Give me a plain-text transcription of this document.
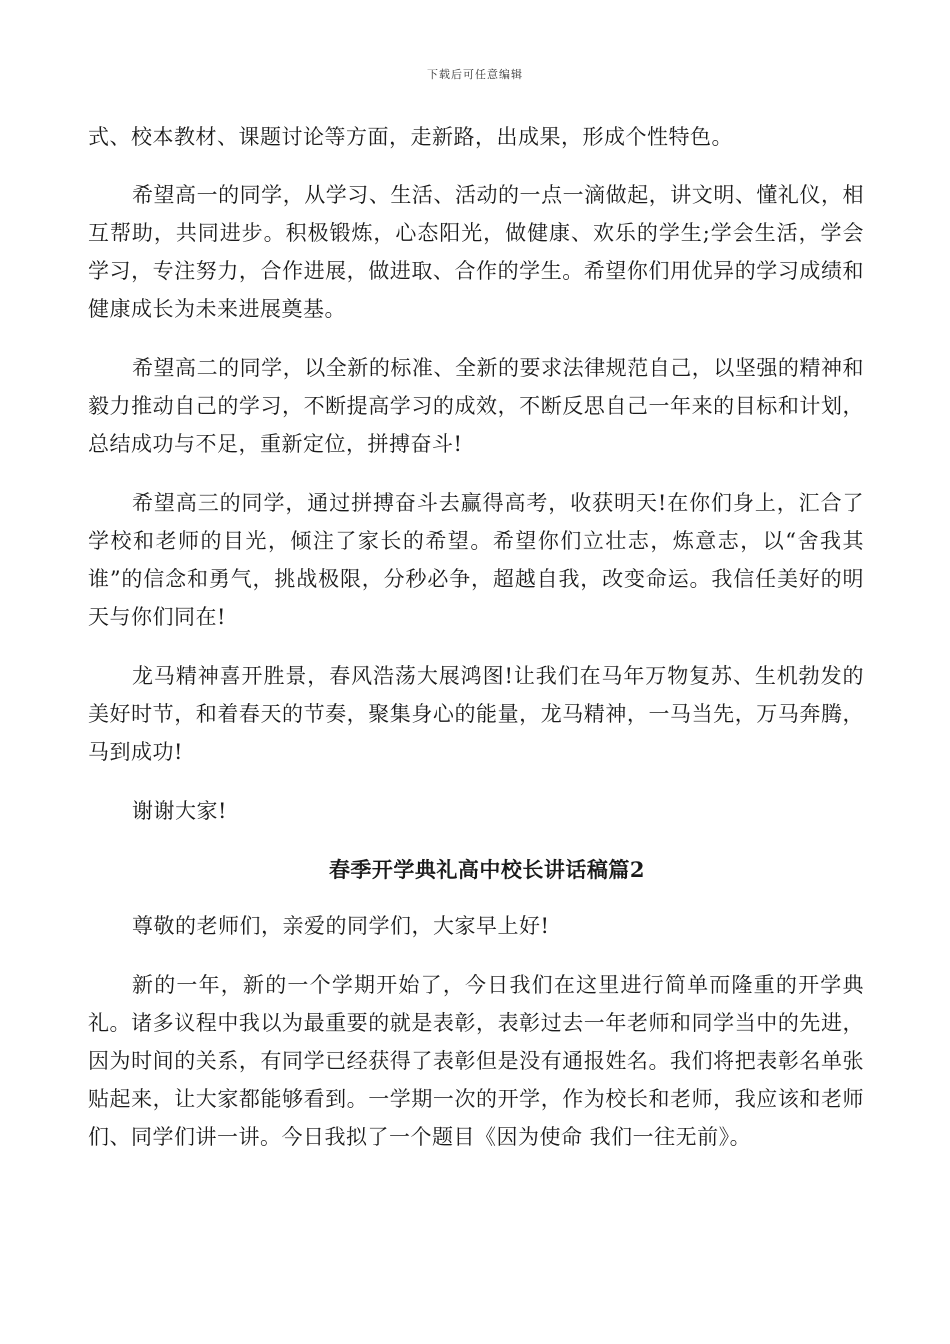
下载后可任意编辑

式、校本教材、课题讨论等方面，走新路，出成果，形成个性特色。

希望高一的同学，从学习、生活、活动的一点一滴做起，讲文明、懂礼仪，相互帮助，共同进步。积极锻炼，心态阳光，做健康、欢乐的学生;学会生活，学会学习，专注努力，合作进展，做进取、合作的学生。希望你们用优异的学习成绩和健康成长为未来进展奠基。

希望高二的同学，以全新的标准、全新的要求法律规范自己，以坚强的精神和毅力推动自己的学习，不断提高学习的成效，不断反思自己一年来的目标和计划，总结成功与不足，重新定位，拼搏奋斗!

希望高三的同学，通过拼搏奋斗去赢得高考，收获明天!在你们身上，汇合了学校和老师的目光，倾注了家长的希望。希望你们立壮志，炼意志，以“舍我其谁”的信念和勇气，挑战极限，分秒必争，超越自我，改变命运。我信任美好的明天与你们同在!

龙马精神喜开胜景，春风浩荡大展鸿图!让我们在马年万物复苏、生机勃发的美好时节，和着春天的节奏，聚集身心的能量，龙马精神，一马当先，万马奔腾，马到成功!

谢谢大家!

春季开学典礼高中校长讲话稿篇2

尊敬的老师们，亲爱的同学们，大家早上好!

新的一年，新的一个学期开始了，今日我们在这里进行简单而隆重的开学典礼。诸多议程中我以为最重要的就是表彰，表彰过去一年老师和同学当中的先进，因为时间的关系，有同学已经获得了表彰但是没有通报姓名。我们将把表彰名单张贴起来，让大家都能够看到。一学期一次的开学，作为校长和老师，我应该和老师们、同学们讲一讲。今日我拟了一个题目《因为使命 我们一往无前》。
